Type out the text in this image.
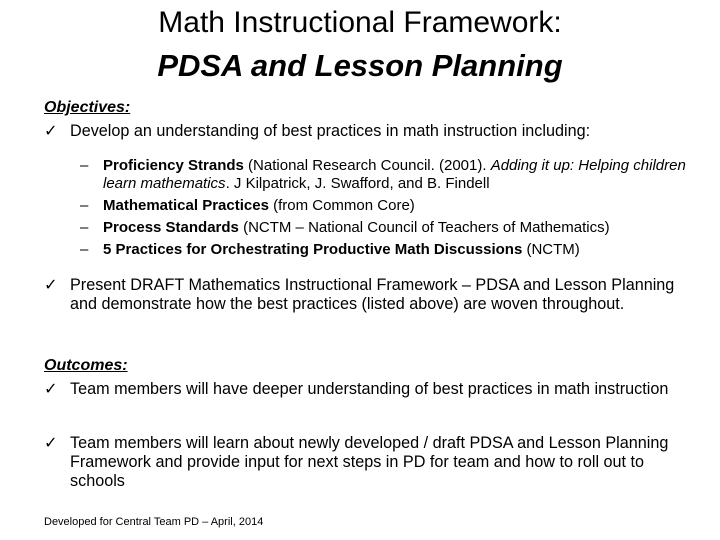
Math Instructional Framework:
PDSA and Lesson Planning
Objectives:
✓ Develop an understanding of best practices in math instruction including:
– Proficiency Strands (National Research Council. (2001). Adding it up: Helping children learn mathematics. J Kilpatrick, J. Swafford, and B. Findell
– Mathematical Practices (from Common Core)
– Process Standards (NCTM – National Council of Teachers of Mathematics)
– 5 Practices for Orchestrating Productive Math Discussions (NCTM)
✓ Present DRAFT Mathematics Instructional Framework – PDSA and Lesson Planning and demonstrate how the best practices (listed above) are woven throughout.
Outcomes:
✓ Team members will have deeper understanding of best practices in math instruction
✓ Team members will learn about newly developed / draft PDSA and Lesson Planning Framework and provide input for next steps in PD for team and how to roll out to schools
Developed for Central Team PD – April, 2014
